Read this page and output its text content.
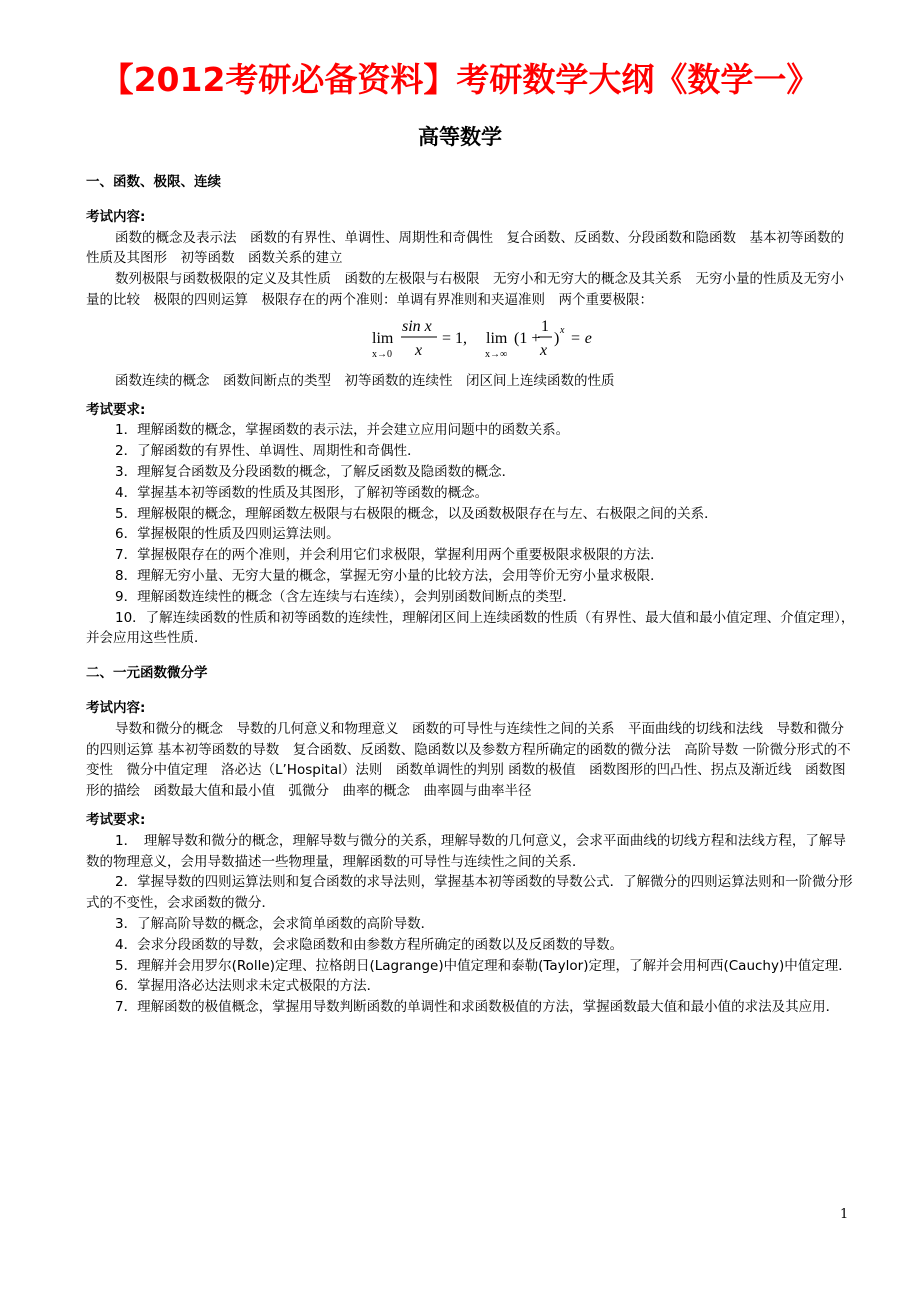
【2012考研必备资料】考研数学大纲《数学一》
高等数学

一、函数、极限、连续

考试内容:

函数的概念及表示法　函数的有界性、单调性、周期性和奇偶性　复合函数、反函数、分段函数和隐函数　基本初等函数的性质及其图形　初等函数　函数关系的建立

数列极限与函数极限的定义及其性质　函数的左极限与右极限　无穷小和无穷大的概念及其关系　无穷小量的性质及无穷小量的比较　极限的四则运算　极限存在的两个准则：单调有界准则和夹逼准则　两个重要极限：

lim
x→0
sin x
x
= 1, lim
x→∞
(1 +
1
x
) x = e

函数连续的概念　函数间断点的类型　初等函数的连续性　闭区间上连续函数的性质

考试要求:

1．理解函数的概念，掌握函数的表示法，并会建立应用问题中的函数关系。

2．了解函数的有界性、单调性、周期性和奇偶性．

3．理解复合函数及分段函数的概念，了解反函数及隐函数的概念．

4．掌握基本初等函数的性质及其图形，了解初等函数的概念。

5．理解极限的概念，理解函数左极限与右极限的概念，以及函数极限存在与左、右极限之间的关系．

6．掌握极限的性质及四则运算法则。

7．掌握极限存在的两个准则，并会利用它们求极限，掌握利用两个重要极限求极限的方法．

8．理解无穷小量、无穷大量的概念，掌握无穷小量的比较方法，会用等价无穷小量求极限．

9．理解函数连续性的概念（含左连续与右连续），会判别函数间断点的类型．

10．了解连续函数的性质和初等函数的连续性，理解闭区间上连续函数的性质（有界性、最大值和最小值定理、介值定理），并会应用这些性质．

二、一元函数微分学

考试内容:

导数和微分的概念　导数的几何意义和物理意义　函数的可导性与连续性之间的关系　平面曲线的切线和法线　导数和微分的四则运算 基本初等函数的导数　复合函数、反函数、隐函数以及参数方程所确定的函数的微分法　高阶导数 一阶微分形式的不变性　微分中值定理　洛必达（L’Hospital）法则　函数单调性的判别 函数的极值　函数图形的凹凸性、拐点及渐近线　函数图形的描绘　函数最大值和最小值　弧微分　曲率的概念　曲率圆与曲率半径

考试要求:

1．　理解导数和微分的概念，理解导数与微分的关系，理解导数的几何意义，会求平面曲线的切线方程和法线方程，了解导数的物理意义，会用导数描述一些物理量，理解函数的可导性与连续性之间的关系．

2．掌握导数的四则运算法则和复合函数的求导法则，掌握基本初等函数的导数公式．了解微分的四则运算法则和一阶微分形式的不变性，会求函数的微分．

3．了解高阶导数的概念，会求简单函数的高阶导数．

4．会求分段函数的导数，会求隐函数和由参数方程所确定的函数以及反函数的导数。

5．理解并会用罗尔(Rolle)定理、拉格朗日(Lagrange)中值定理和泰勒(Taylor)定理，了解并会用柯西(Cauchy)中值定理．

6．掌握用洛必达法则求未定式极限的方法．

7．理解函数的极值概念，掌握用导数判断函数的单调性和求函数极值的方法，掌握函数最大值和最小值的求法及其应用．

1
